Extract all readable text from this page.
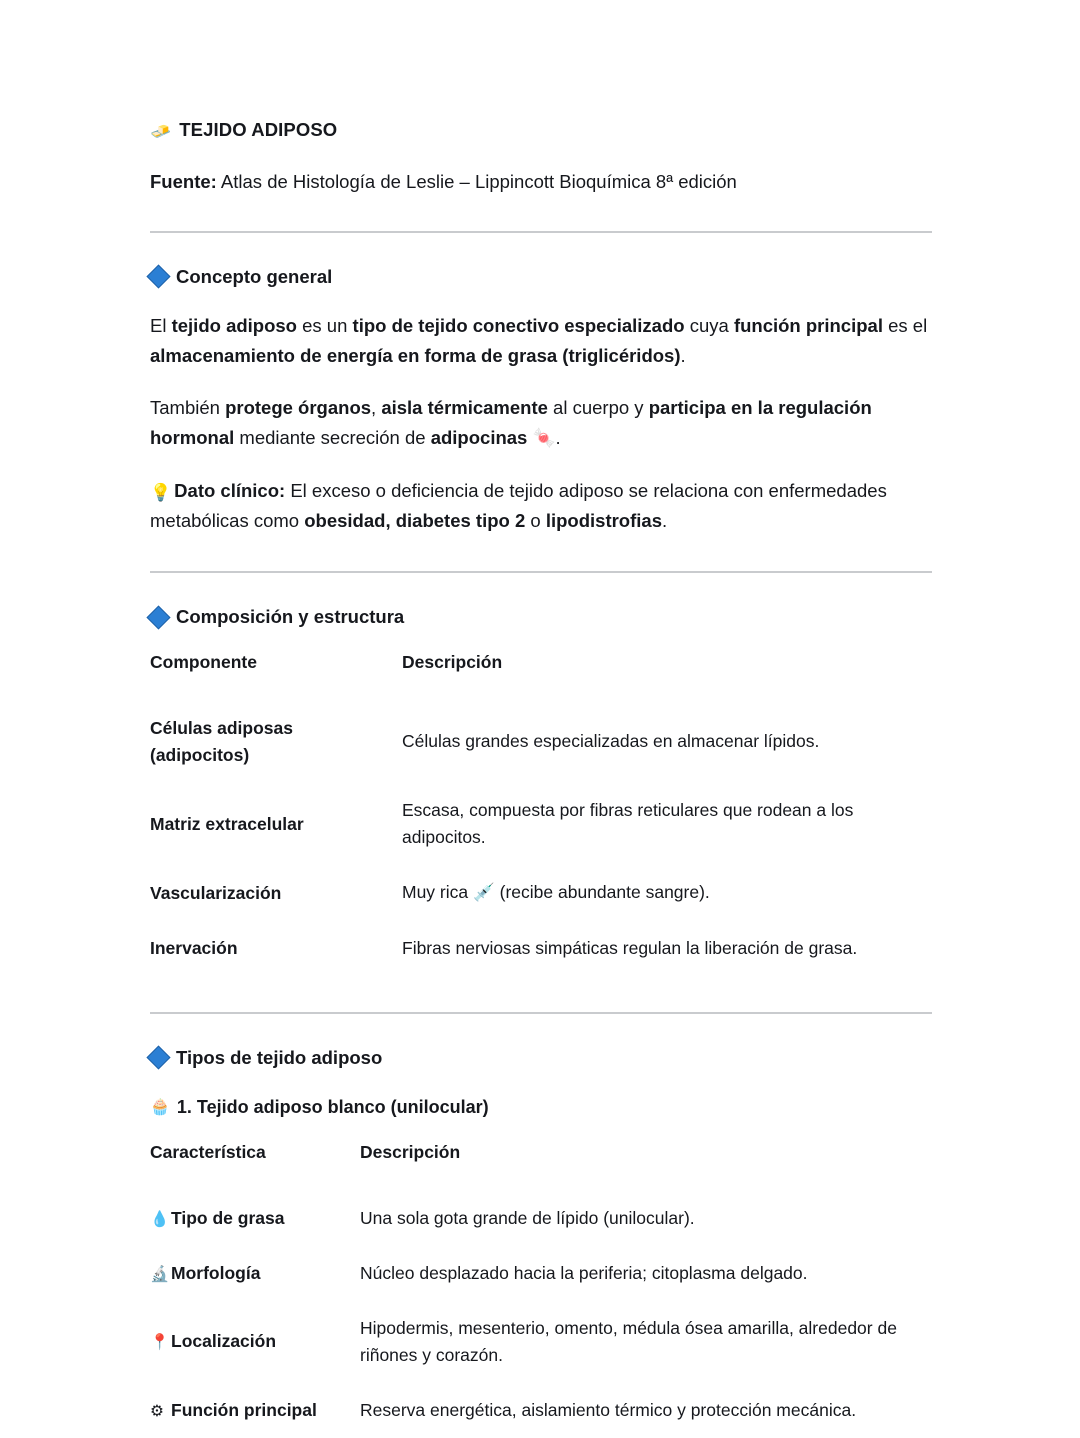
🧈 TEJIDO ADIPOSO
Fuente: Atlas de Histología de Leslie – Lippincott Bioquímica 8ª edición
Concepto general

El tejido adiposo es un tipo de tejido conectivo especializado cuya función principal es el almacenamiento de energía en forma de grasa (triglicéridos).

También protege órganos, aisla térmicamente al cuerpo y participa en la regulación hormonal mediante secreción de adipocinas 🍬.

💡 Dato clínico: El exceso o deficiencia de tejido adiposo se relaciona con enfermedades metabólicas como obesidad, diabetes tipo 2 o lipodistrofias.

Composición y estructura
Componente	Descripción
Células adiposas (adipocitos)	Células grandes especializadas en almacenar lípidos.
Matriz extracelular	Escasa, compuesta por fibras reticulares que rodean a los adipocitos.
Vascularización	Muy rica 💉 (recibe abundante sangre).
Inervación	Fibras nerviosas simpáticas regulan la liberación de grasa.
Tipos de tejido adiposo
🧁 1. Tejido adiposo blanco (unilocular)
Característica	Descripción
💧Tipo de grasa	Una sola gota grande de lípido (unilocular).
🔬Morfología	Núcleo desplazado hacia la periferia; citoplasma delgado.
📍Localización	Hipodermis, mesenterio, omento, médula ósea amarilla, alrededor de riñones y corazón.
⚙ Función principal	Reserva energética, aislamiento térmico y protección mecánica.
